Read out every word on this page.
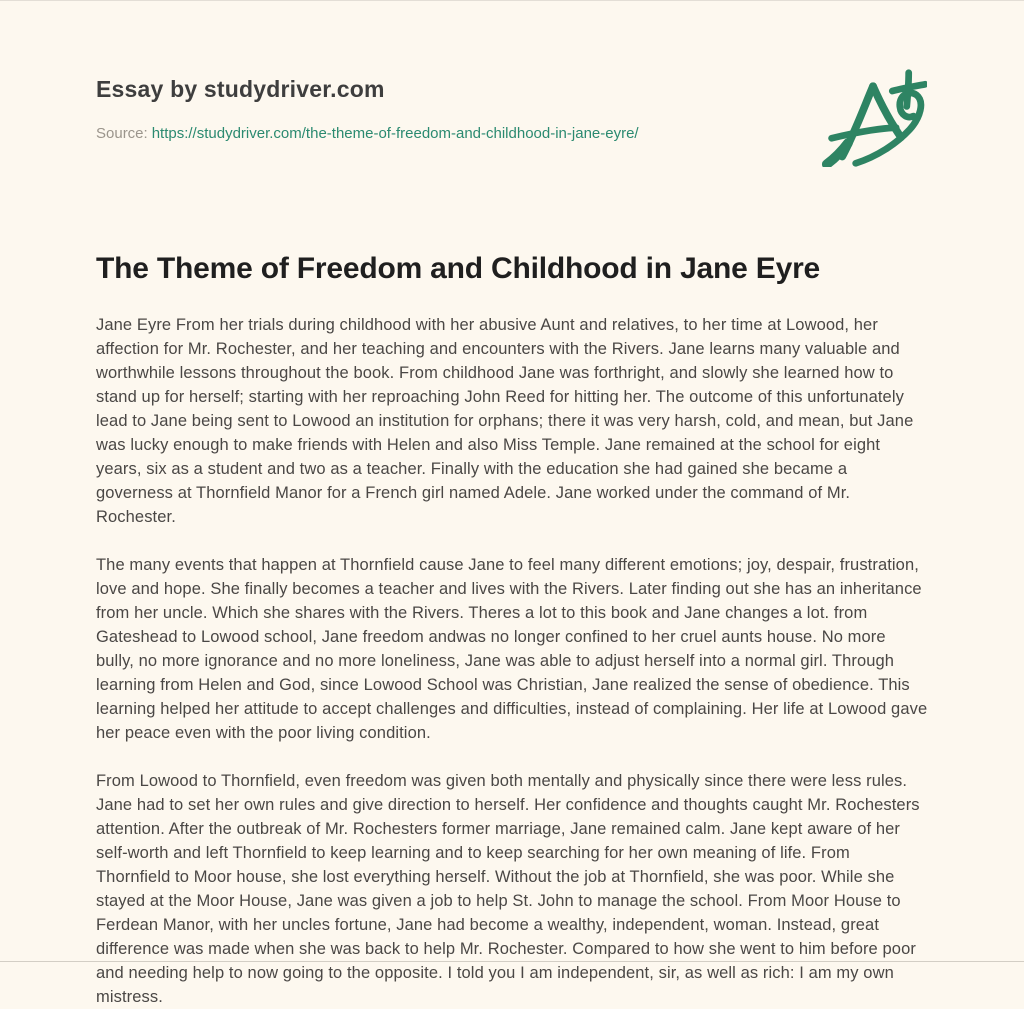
Essay by studydriver.com
Source: https://studydriver.com/the-theme-of-freedom-and-childhood-in-jane-eyre/
The Theme of Freedom and Childhood in Jane Eyre

Jane Eyre From her trials during childhood with her abusive Aunt and relatives, to her time at Lowood, her affection for Mr. Rochester, and her teaching and encounters with the Rivers. Jane learns many valuable and worthwhile lessons throughout the book. From childhood Jane was forthright, and slowly she learned how to stand up for herself; starting with her reproaching John Reed for hitting her. The outcome of this unfortunately lead to Jane being sent to Lowood an institution for orphans; there it was very harsh, cold, and mean, but Jane was lucky enough to make friends with Helen and also Miss Temple. Jane remained at the school for eight years, six as a student and two as a teacher. Finally with the education she had gained she became a governess at Thornfield Manor for a French girl named Adele. Jane worked under the command of Mr. Rochester.

The many events that happen at Thornfield cause Jane to feel many different emotions; joy, despair, frustration, love and hope. She finally becomes a teacher and lives with the Rivers. Later finding out she has an inheritance from her uncle. Which she shares with the Rivers. Theres a lot to this book and Jane changes a lot. from Gateshead to Lowood school, Jane freedom andwas no longer confined to her cruel aunts house. No more bully, no more ignorance and no more loneliness, Jane was able to adjust herself into a normal girl. Through learning from Helen and God, since Lowood School was Christian, Jane realized the sense of obedience. This learning helped her attitude to accept challenges and difficulties, instead of complaining. Her life at Lowood gave her peace even with the poor living condition.

From Lowood to Thornfield, even freedom was given both mentally and physically since there were less rules. Jane had to set her own rules and give direction to herself. Her confidence and thoughts caught Mr. Rochesters attention. After the outbreak of Mr. Rochesters former marriage, Jane remained calm. Jane kept aware of her self-worth and left Thornfield to keep learning and to keep searching for her own meaning of life. From Thornfield to Moor house, she lost everything herself. Without the job at Thornfield, she was poor. While she stayed at the Moor House, Jane was given a job to help St. John to manage the school. From Moor House to Ferdean Manor, with her uncles fortune, Jane had become a wealthy, independent, woman. Instead, great difference was made when she was back to help Mr. Rochester. Compared to how she went to him before poor and needing help to now going to the opposite. I told you I am independent, sir, as well as rich: I am my own mistress.
